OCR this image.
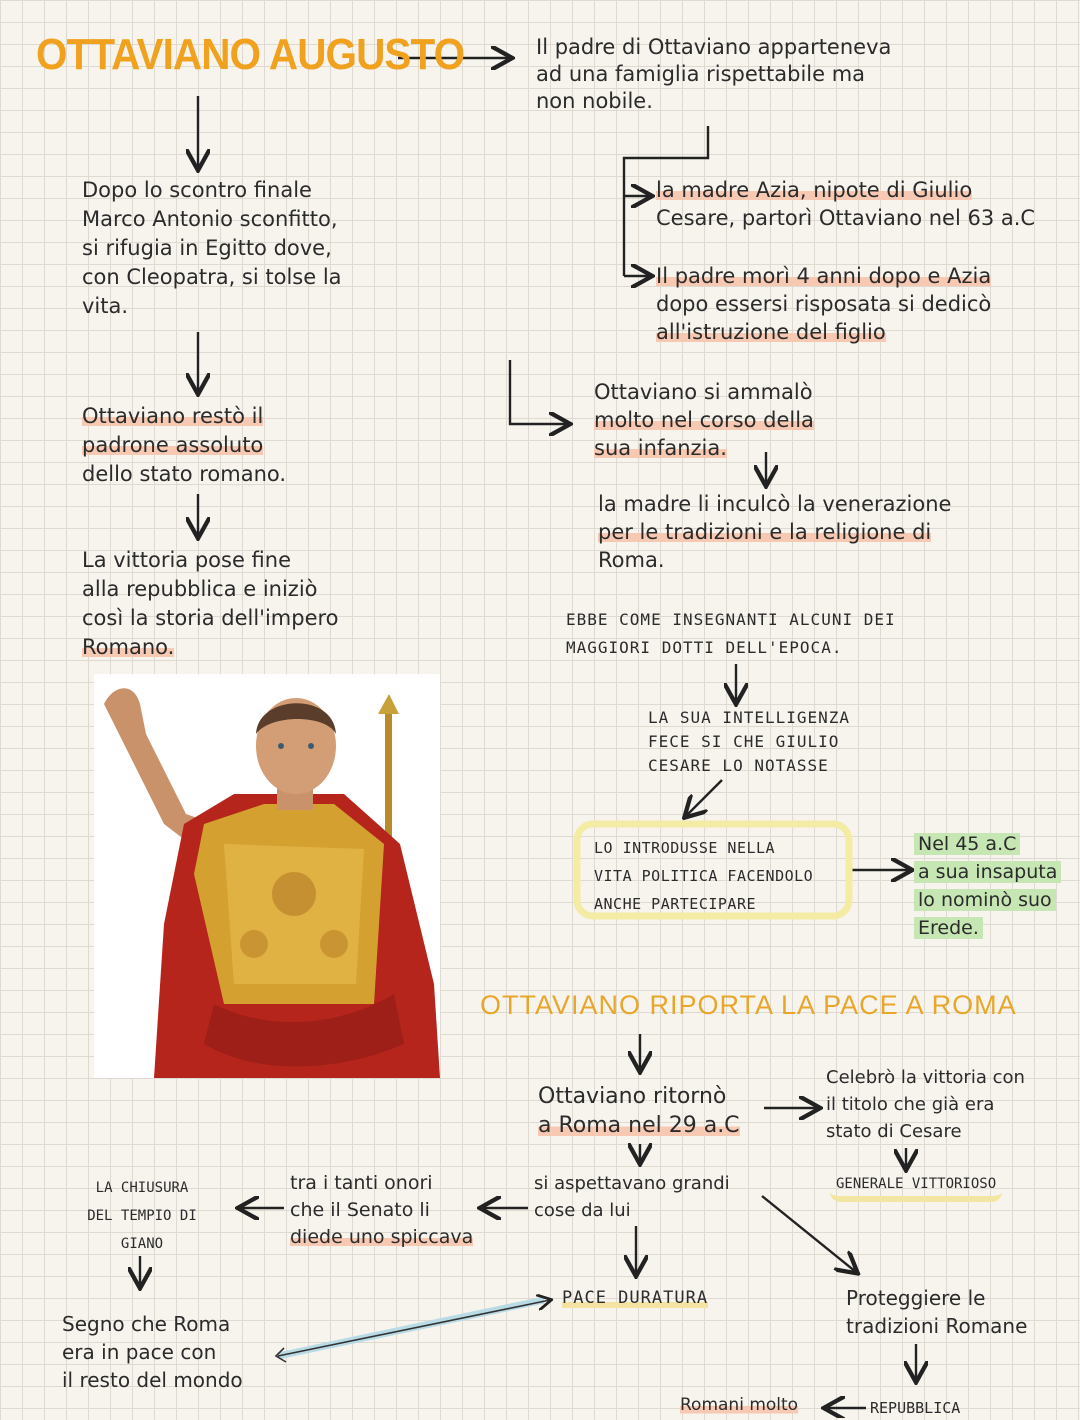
OTTAVIANO AUGUSTO
Dopo lo scontro finale
Marco Antonio sconfitto,
si rifugia in Egitto dove,
con Cleopatra, si tolse la
vita.
Ottaviano restò il
padrone assoluto
dello stato romano.
La vittoria pose fine
alla repubblica e iniziò
così la storia dell'impero
Romano.
Il padre di Ottaviano apparteneva
ad una famiglia rispettabile ma
non nobile.
la madre Azia, nipote di Giulio
Cesare, partorì Ottaviano nel 63 a.C
Il padre morì 4 anni dopo e Azia
dopo essersi risposata si dedicò
all'istruzione del figlio
Ottaviano si ammalò
molto nel corso della
sua infanzia.
la madre li inculcò la venerazione
per le tradizioni e la religione di
Roma.
EBBE COME INSEGNANTI ALCUNI DEI
MAGGIORI DOTTI DELL'EPOCA.
LA SUA INTELLIGENZA
FECE SI CHE GIULIO
CESARE LO NOTASSE
LO INTRODUSSE NELLA
VITA POLITICA FACENDOLO
ANCHE PARTECIPARE
Nel 45 a.C
a sua insaputa
lo nominò suo
Erede.
OTTAVIANO RIPORTA LA PACE A ROMA
Ottaviano ritornò
a Roma nel 29 a.C
Celebrò la vittoria con
il titolo che già era
stato di Cesare
GENERALE VITTORIOSO
si aspettavano grandi
cose da lui
tra i tanti onori
che il Senato li
diede uno spiccava
LA CHIUSURA
DEL TEMPIO DI
GIANO
Segno che Roma
era in pace con
il resto del mondo
PACE DURATURA	Proteggiere le
tradizioni Romane
REPUBBLICA
Romani molto
